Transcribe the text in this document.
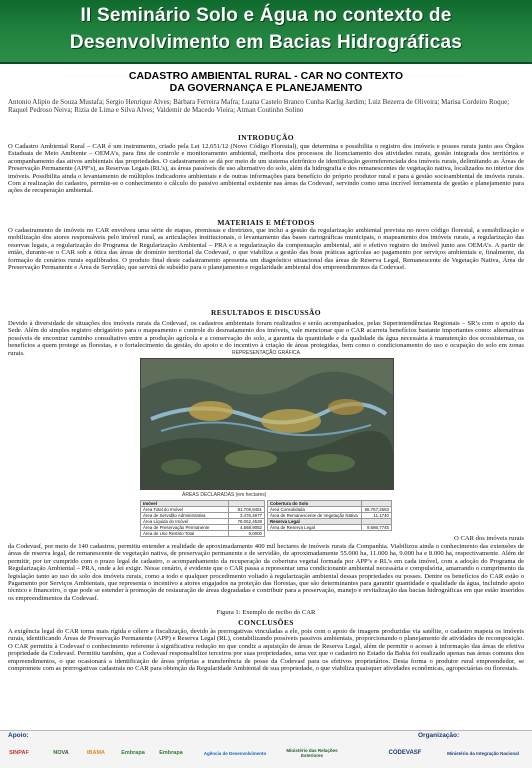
II Seminário Solo e Água no contexto de
Desenvolvimento em Bacias Hidrográficas
CADASTRO AMBIENTAL RURAL - CAR NO CONTEXTO
DA GOVERNANÇA E PLANEJAMENTO
Antonio Alipio de Souza Mustafa; Sergio Henrique Alves; Bárbara Ferreira Mafra; Luana Castelo Branco Cunha Karlig Jardim; Luiz Bezerra de Oliveira; Marisa Cordeiro Roque; Raquel Pedroso Neiva; Rizia de Lima e Silva Alves; Valdemir de Macedo Vieira; Atman Coutinho Solino
INTRODUÇÃO
O Cadastro Ambiental Rural – CAR é um instrumento, criado pela Lei 12.651/12 (Novo Código Florestal), que determina e possibilita o registro dos imóveis e posses rurais junto aos Órgãos Estaduais de Meio Ambiente – OEMA’s, para fins de controle e monitoramento ambiental, melhoria dos processos de licenciamento dos atividades rurais, gestão integrada dos territórios e acompanhamento das ativos ambientais das propriedades. O cadastramento se dá por meio de um sistema eletrônico de identificação georreferenciada dos imóveis rurais, delimitando as Áreas de Preservação Permanente (APP’s), as Reservas Legais (RL’s), as áreas passíveis de uso alternativo do solo, além da hidrografia e dos remanescentes de vegetação nativa, localizados no interior dos imóveis. Possibilita ainda o levantamento de múltiplos indicadores ambientais e de outras informações para benefício do próprio produtor rural e para a gestão socioambiental de imóveis rurais. Com a realização do cadastro, permite-se o conhecimento e cálculo do passivo ambiental existente nas áreas da Codevasf, servindo como uma incrível ferramenta de gestão e planejamento para ações de recuperação ambiental.
MATERIAIS E MÉTODOS
O cadastramento de imóveis no CAR envolveu uma série de etapas, premissas e diretrizes, que inclui a gestão da regularização ambiental prevista no novo código florestal, a sensibilização e mobilização dos atores responsáveis pelo imóvel rural, as articulações institucionais, o levantamento das bases cartográficas municipais, o mapeamento dos imóveis rurais, a regularização das reservas legais, a regularização do Programa de Regularização Ambiental – PRA e a regularização da compensação ambiental, até o efetivo registro do imóvel junto aos OEMA’s. A partir de então, durante-se o CAR sob a ótica das áreas de domínio territorial da Codevasf, o que viabiliza a gestão das boas práticas agrícolas ao pagamento por serviços ambientais e, finalmente, da formação de cenários rurais equilibrados. O produto final deste cadastramento apresenta um diagnóstico situacional das áreas de Reserva Legal, Remanescente de Vegetação Nativa, Área de Preservação Permanente e Área de Servidão, que servirá de subsídio para o planejamento e regularidade ambiental dos empreendimentos da Codevasf.
RESULTADOS E DISCUSSÃO
Devido à diversidade de situações dos imóveis rurais da Codevasf, os cadastros ambientais foram realizados e serão acompanhados, pelas Superintendências Regionais – SR’s com o apoio da Sede. Além do simples registro obrigatório para o mapeamento e controle do desmatamento dos imóveis, vale mencionar que o CAR acarreta benefícios bastante importantes como: alternativas possíveis de encontrar caminho consultativo entre a produção agrícola e a conservação do solo, a garantia da quantidade e da qualidade da água necessária à manutenção dos ecossistemas, os benefícios a quem protege as florestas, e o fortalecimento da gestão, do apoio e do incentivo à criação de áreas protegidas, bem como o condicionamento do uso e ocupação do solo em zonas rurais.	REPRESENTAÇÃO GRÁFICA
ÁREAS DECLARADAS (em hectares)
Imóvel	
Área Total do Imóvel	81.706,9451
Área de Servidão Administrativa	3.476,4977
Área Líquida do Imóvel	78.052,4538
Área de Preservação Permanente	4.568,9082
Área de Uso Restrito Total	0,0000
Cobertura do Solo	
Área Consolidada	66.767,2653
Área de Remanescente de Vegetação Nativa	11.1740
Reserva Legal	
Área de Reserva Legal	9.686,7745
O CAR dos imóveis rurais
da Codevasf, por meio de 140 cadastros, permitiu entender a realidade de aproximadamente 400 mil hectares de imóveis rurais da Companhia. Viabilizou ainda o conhecimento das extensões de áreas de reserva legal, de remanescente de vegetação nativa, de preservação permanente e de servidão, de aproximadamente 55.000 ha, 11.000 ha, 9.000 ha e 8.000 ha, respectivamente. Além de permitir, por ter cumprido com o prazo legal de cadastro, o acompanhamento da recuperação da cobertura vegetal formada por APP’s e RL’s em cada imóvel, com a adoção do Programa de Regularização Ambiental – PRA, onde a lei exigir. Nesse cenário, é evidente que o CAR passa a representar uma condicionante ambiental necessária e compulsória, amarrando o cumprimento da legislação tanto ao uso do solo dos imóveis rurais, como a todo e qualquer procedimento voltado à regularização ambiental dessas propriedades ou posses. Dentre os benefícios do CAR estão o Pagamento por Serviços Ambientais, que representa o incentivo a atores engajados na proteção das florestas, que são determinantes para garantir quantidade e qualidade da água, incluindo apoio técnico e financeiro, o que pode se estender à promoção de restauração de áreas degradadas e contribuir para a preservação, manejo e revitalização das bacias hidrográficas em que estão inseridos os empreendimentos da Codevasf.
Figura 1: Exemplo de recibo do CAR
CONCLUSÕES
A exigência legal do CAR torna mais rígida e célere a fiscalização, devido às prerrogativas vinculadas a ele, pois com o apoio de imagens produzidas via satélite, o cadastro mapeia os imóveis rurais, identificando Áreas de Preservação Permanente (APP) e Reserva Legal (RL), contabilizando possíveis passivos ambientais, proporcionando o planejamento de atividades de recomposição. O CAR permitiu à Codevasf o conhecimento referente à significativa redução no que condiz a aquisição de áreas de Reserva Legal, além de permitir o acesso à informação das áreas de efetiva propriedade da Codevasf. Permitiu também, que a Codevasf responsabilize terceiros por suas propriedades, uma vez que o cadastro no Estado da Bahia foi realizado apenas nas áreas comuns dos empreendimentos, o que ocasionará a identificação de áreas próprias a transferência de posse da Codevasf para os efetivos proprietários. Desta forma o produtor rural empreendedor, se compromete com as prerrogativas cadastrais no CAR para obtenção da Regularidade Ambiental de sua propriedade, o que viabiliza quaisquer atividades econômicas, agropecuárias ou florestais.
Apoio:	Organização:
SINPAF	NOVA	IBAMA	Embrapa	Embrapa	Agência de Desenvolvimento	Ministério das Relações Exteriores	CODEVASF	Ministério da Integração Nacional
